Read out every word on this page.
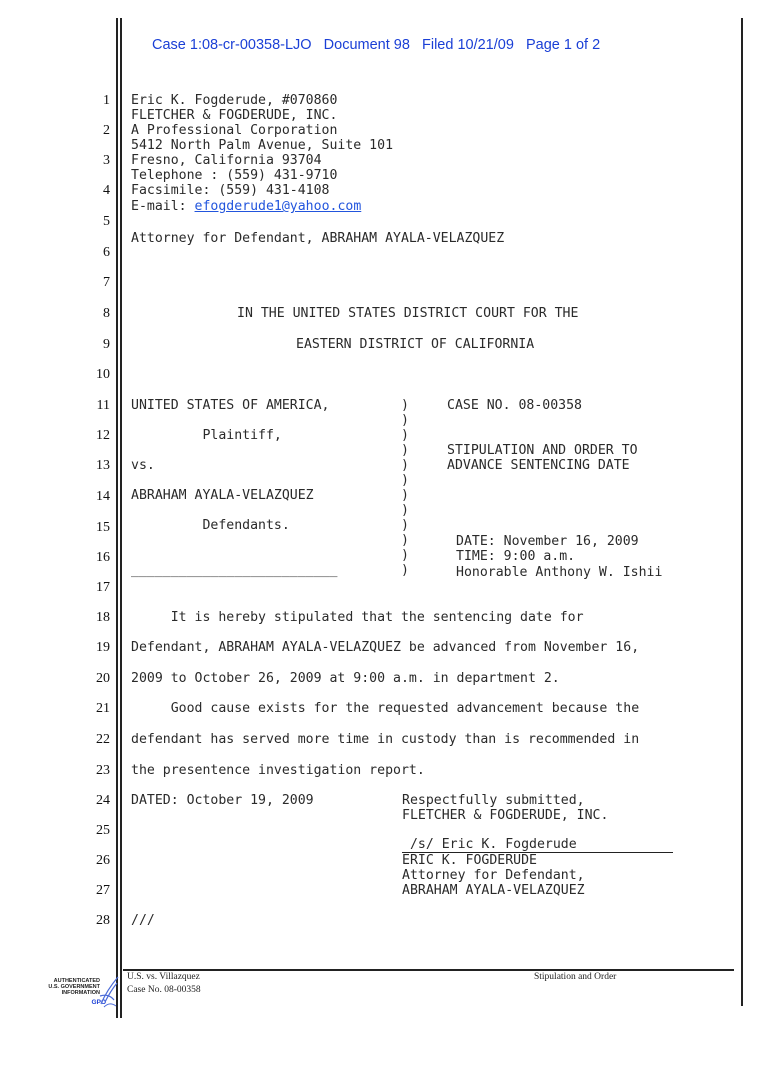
Case 1:08-cr-00358-LJO   Document 98   Filed 10/21/09   Page 1 of 2
1
2
3
4
5
6
7
8
9
10
11
12
13
14
15
16
17
18
19
20
21
22
23
24
25
26
27
28
Eric K. Fogderude, #070860
FLETCHER & FOGDERUDE, INC.
A Professional Corporation
5412 North Palm Avenue, Suite 101
Fresno, California 93704
Telephone : (559) 431-9710
Facsimile: (559) 431-4108
E-mail: efogderude1@yahoo.com
Attorney for Defendant, ABRAHAM AYALA-VELAZQUEZ
IN THE UNITED STATES DISTRICT COURT FOR THE
EASTERN DISTRICT OF CALIFORNIA
UNITED STATES OF AMERICA,

Plaintiff,

vs.

ABRAHAM AYALA-VELAZQUEZ

Defendants.

__________________________
)
)
)
)
)
)
)
)
)
)
)
)
CASE NO. 08-00358
STIPULATION AND ORDER TO
ADVANCE SENTENCING DATE
DATE: November 16, 2009
TIME: 9:00 a.m.
Honorable Anthony W. Ishii
It is hereby stipulated that the sentencing date for
Defendant, ABRAHAM AYALA-VELAZQUEZ be advanced from November 16,
2009 to October 26, 2009 at 9:00 a.m. in department 2.
Good cause exists for the requested advancement because the
defendant has served more time in custody than is recommended in
the presentence investigation report.
DATED: October 19, 2009	Respectfully submitted,
FLETCHER & FOGDERUDE, INC.
/s/ Eric K. Fogderude
ERIC K. FOGDERUDE
Attorney for Defendant,
ABRAHAM AYALA-VELAZQUEZ
///
U.S. vs. Villazquez
Case No. 08-00358
Stipulation and Order

AUTHENTICATED

U.S. GOVERNMENT

INFORMATION

GPO
